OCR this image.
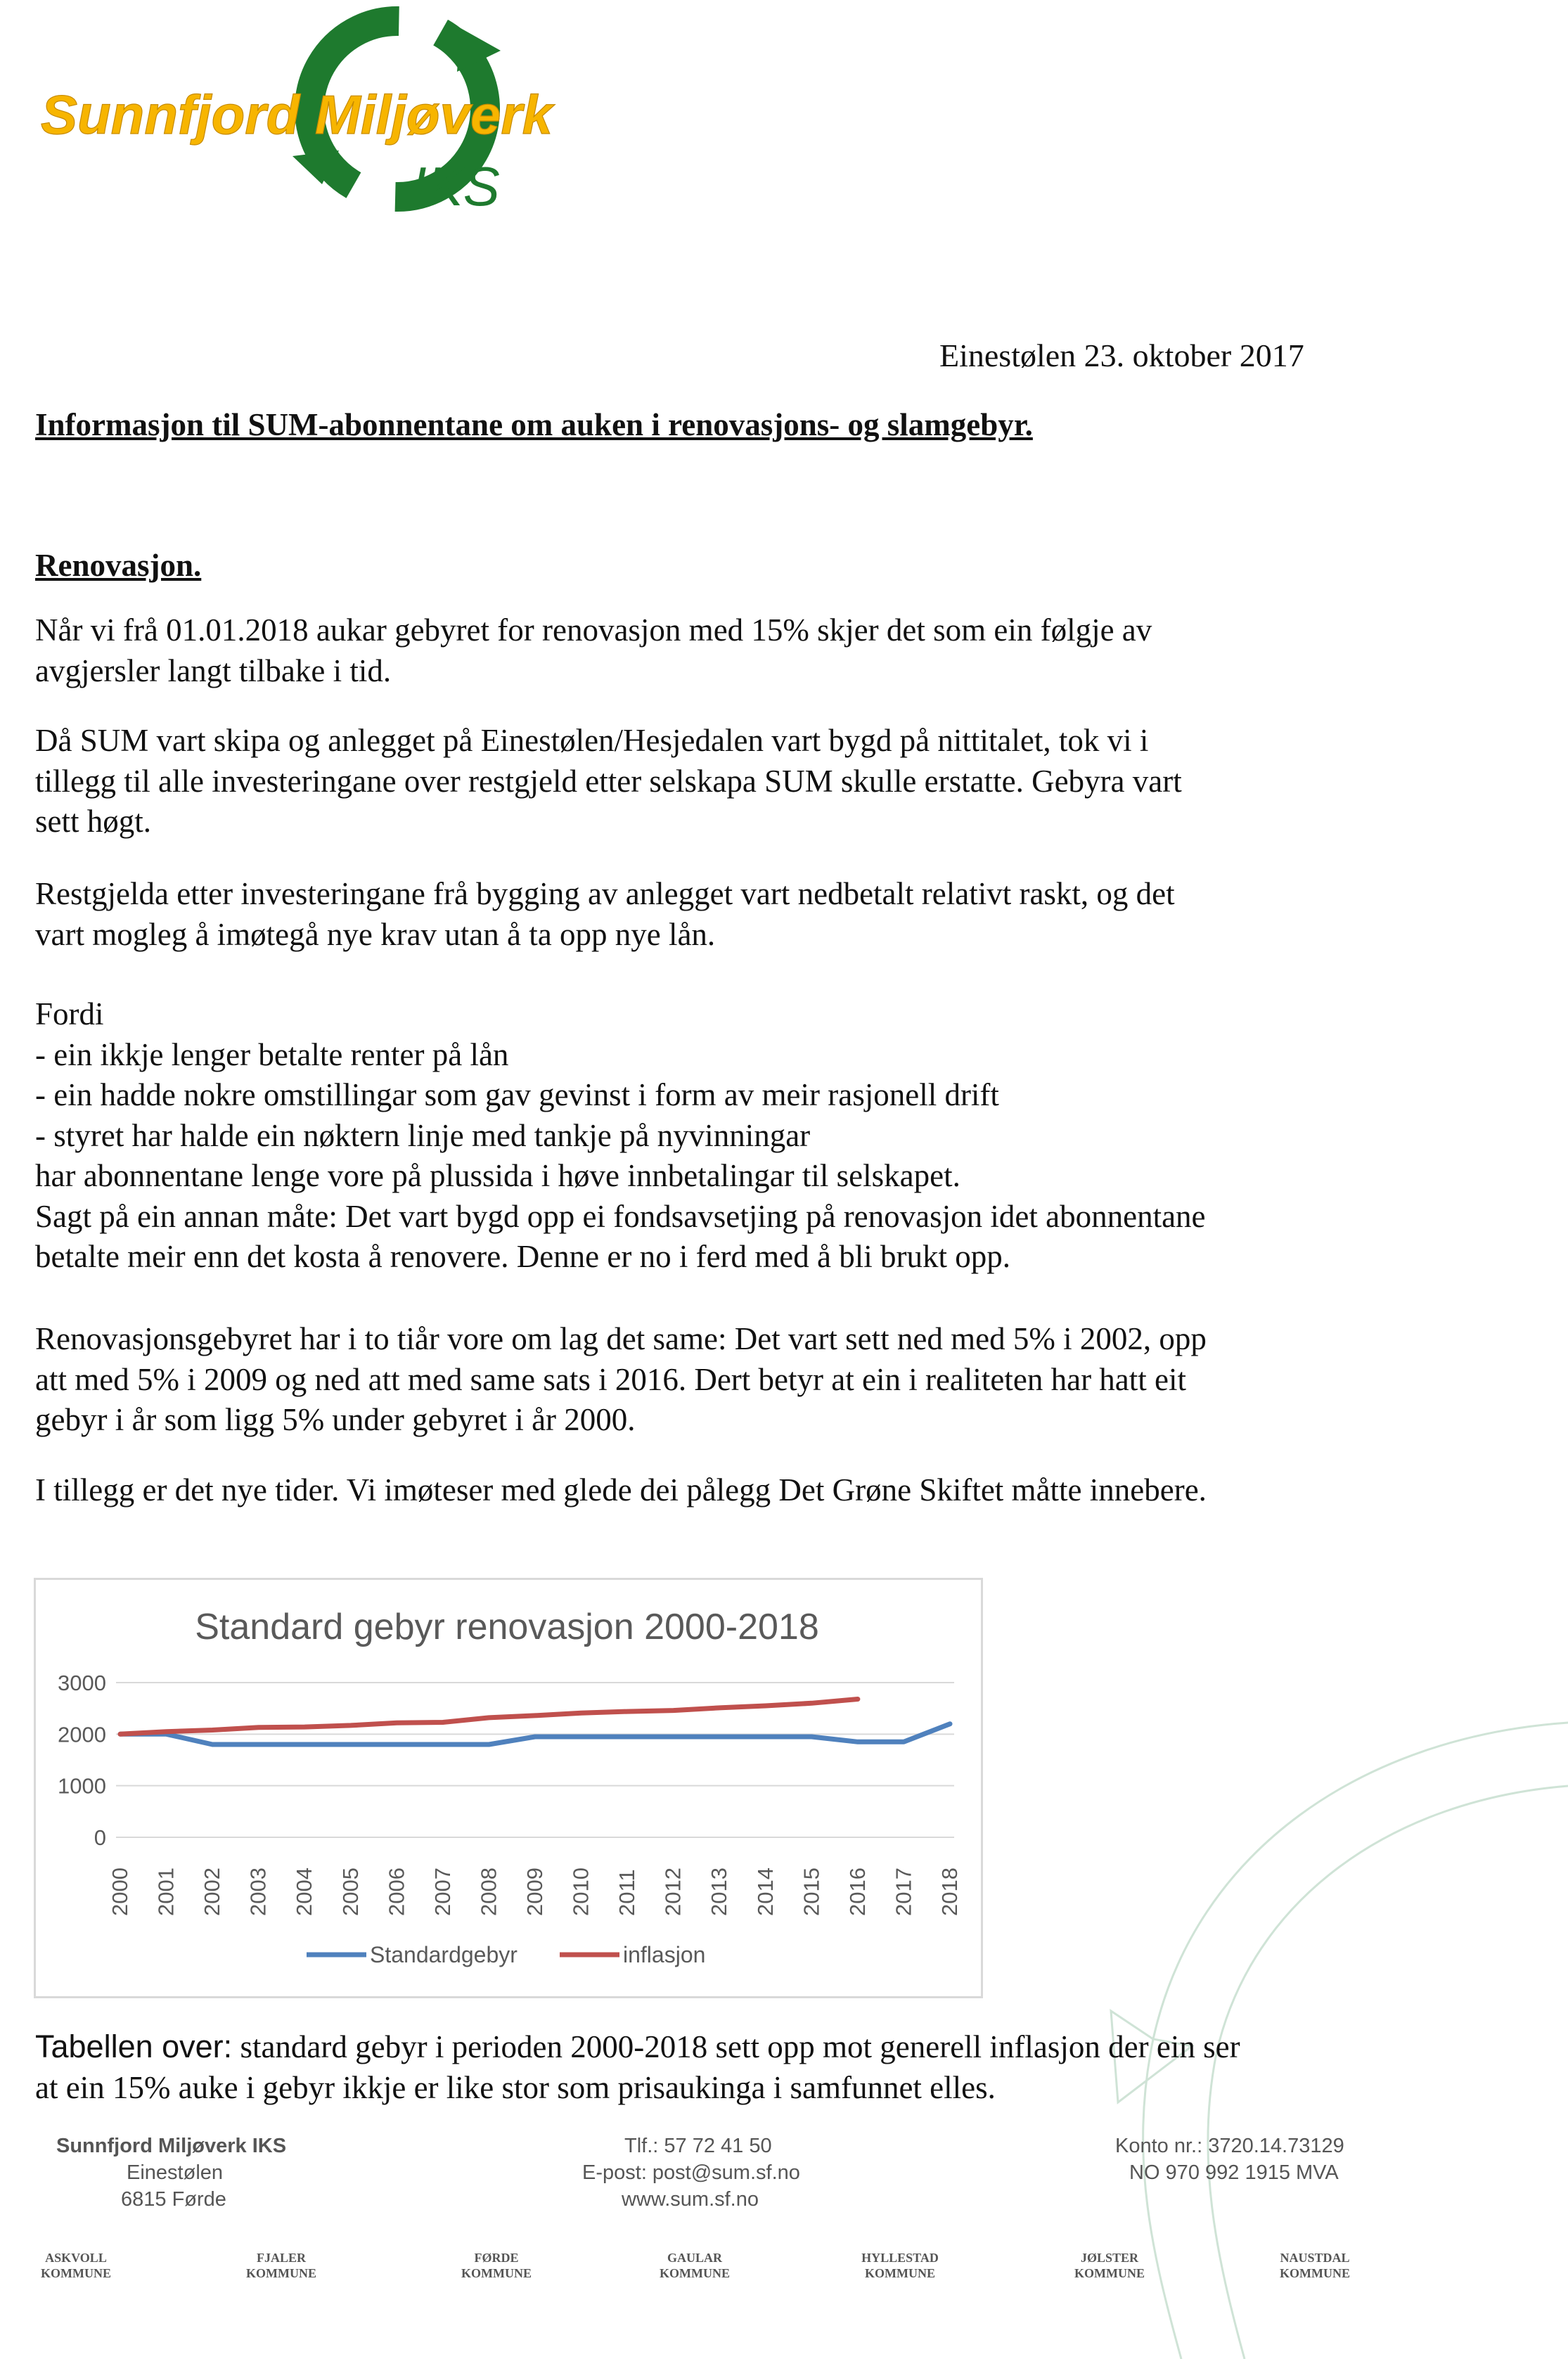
Sunnfjord Miljøverk
IKS
Einestølen 23. oktober 2017
Informasjon til SUM-abonnentane om auken i renovasjons- og slamgebyr.
Renovasjon.
Når vi frå 01.01.2018 aukar gebyret for renovasjon med 15% skjer det som ein følgje av
avgjersler langt tilbake i tid.
Då SUM vart skipa og anlegget på Einestølen/Hesjedalen vart bygd på nittitalet, tok vi i
tillegg til alle investeringane over restgjeld etter selskapa SUM skulle erstatte. Gebyra vart
sett høgt.
Restgjelda etter investeringane frå bygging av anlegget vart nedbetalt relativt raskt, og det
vart mogleg å imøtegå nye krav utan å ta opp nye lån.
Fordi
- ein ikkje lenger betalte renter på lån
- ein hadde nokre omstillingar som gav gevinst i form av meir rasjonell drift
- styret har halde ein nøktern linje med tankje på nyvinningar
har abonnentane lenge vore på plussida i høve innbetalingar til selskapet.
Sagt på ein annan måte: Det vart bygd opp ei fondsavsetjing på renovasjon idet abonnentane
betalte meir enn det kosta å renovere. Denne er no i ferd med å bli brukt opp.
Renovasjonsgebyret har i to tiår vore om lag det same: Det vart sett ned med 5% i 2002, opp
att med 5% i 2009 og ned att med same sats i 2016. Dert betyr at ein i realiteten har hatt eit
gebyr i år som ligg 5% under gebyret i år 2000.
I tillegg er det nye tider. Vi imøteser med glede dei pålegg Det Grøne Skiftet måtte innebere.
Standard gebyr renovasjon 2000-2018
0
1000
2000
3000
2000 2001 2002 2003 2004 2005 2006 2007 2008 2009 2010 2011 2012 2013 2014 2015 2016 2017 2018
Standardgebyr	inflasjon
Tabellen over: standard gebyr i perioden 2000-2018 sett opp mot generell inflasjon der ein ser
at ein 15% auke i gebyr ikkje er like stor som prisaukinga i samfunnet elles.
Sunnfjord Miljøverk IKS
Einestølen
6815 Førde
Tlf.: 57 72 41 50
E-post: post@sum.sf.no
www.sum.sf.no
Konto nr.: 3720.14.73129
NO 970 992 1915 MVA
ASKVOLL
KOMMUNE
FJALER
KOMMUNE
FØRDE
KOMMUNE
GAULAR
KOMMUNE
HYLLESTAD
KOMMUNE
JØLSTER
KOMMUNE
NAUSTDAL
KOMMUNE
